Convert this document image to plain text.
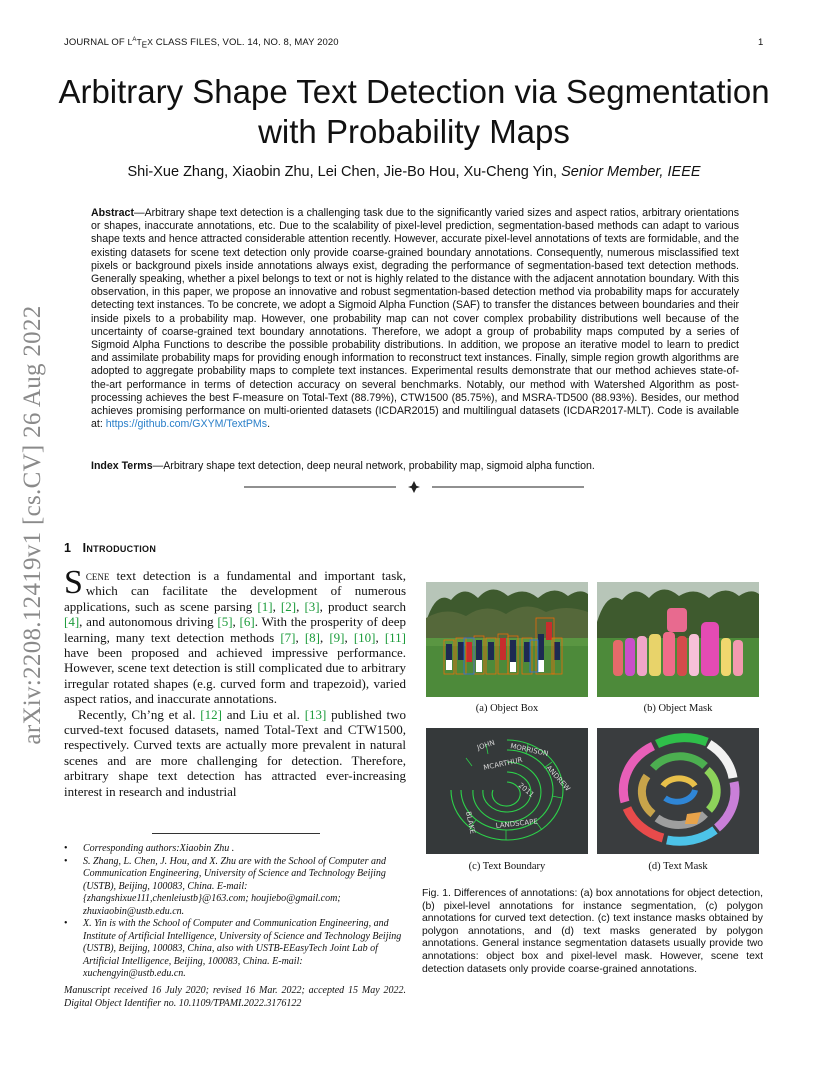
JOURNAL OF $L^AT_EX$ CLASS FILES, VOL. 14, NO. 8, MAY 2020	1
Arbitrary Shape Text Detection via Segmentation
with Probability Maps
Shi-Xue Zhang, Xiaobin Zhu, Lei Chen, Jie-Bo Hou, Xu-Cheng Yin, Senior Member, IEEE
Abstract—Arbitrary shape text detection is a challenging task due to the significantly varied sizes and aspect ratios, arbitrary orientations or shapes, inaccurate annotations, etc. Due to the scalability of pixel-level prediction, segmentation-based methods can adapt to various shape texts and hence attracted considerable attention recently. However, accurate pixel-level annotations of texts are formidable, and the existing datasets for scene text detection only provide coarse-grained boundary annotations. Consequently, numerous misclassified text pixels or background pixels inside annotations always exist, degrading the performance of segmentation-based text detection methods. Generally speaking, whether a pixel belongs to text or not is highly related to the distance with the adjacent annotation boundary. With this observation, in this paper, we propose an innovative and robust segmentation-based detection method via probability maps for accurately detecting text instances. To be concrete, we adopt a Sigmoid Alpha Function (SAF) to transfer the distances between boundaries and their inside pixels to a probability map. However, one probability map can not cover complex probability distributions well because of the uncertainty of coarse-grained text boundary annotations. Therefore, we adopt a group of probability maps computed by a series of Sigmoid Alpha Functions to describe the possible probability distributions. In addition, we propose an iterative model to learn to predict and assimilate probability maps for providing enough information to reconstruct text instances. Finally, simple region growth algorithms are adopted to aggregate probability maps to complete text instances. Experimental results demonstrate that our method achieves state-of-the-art performance in terms of detection accuracy on several benchmarks. Notably, our method with Watershed Algorithm as post-processing achieves the best F-measure on Total-Text (88.79%), CTW1500 (85.75%), and MSRA-TD500 (88.93%). Besides, our method achieves promising performance on multi-oriented datasets (ICDAR2015) and multilingual datasets (ICDAR2017-MLT). Code is available at: https://github.com/GXYM/TextPMs.
Index Terms—Arbitrary shape text detection, deep neural network, probability map, sigmoid alpha function.
arXiv:2208.12419v1 [cs.CV] 26 Aug 2022 1 Introduction

Scene text detection is a fundamental and important task, which can facilitate the development of numerous applications, such as scene parsing [1], [2], [3], product search [4], and autonomous driving [5], [6]. With the prosperity of deep learning, many text detection methods [7], [8], [9], [10], [11] have been proposed and achieved impressive performance. However, scene text detection is still complicated due to arbitrary irregular rotated shapes (e.g. curved form and trapezoid), varied aspect ratios, and inaccurate annotations.

Recently, Ch’ng et al. [12] and Liu et al. [13] published two curved-text focused datasets, named Total-Text and CTW1500, respectively. Curved texts are actually more prevalent in natural scenes and are more challenging for detection. Therefore, arbitrary shape text detection has attracted ever-increasing interest in research and industrial

• Corresponding authors:Xiaobin Zhu .
• S. Zhang, L. Chen, J. Hou, and X. Zhu are with the School of Computer and Communication Engineering, University of Science and Technology Beijing (USTB), Beijing, 100083, China. E-mail: {zhangshixue111,chenleiustb}@163.com; houjiebo@gmail.com; zhuxiaobin@ustb.edu.cn.
• X. Yin is with the School of Computer and Communication Engineering, and Institute of Artificial Intelligence, University of Science and Technology Beijing (USTB), Beijing, 100083, China, also with USTB-EEasyTech Joint Lab of Artificial Intelligence, Beijing, 100083, China. E-mail: xuchengyin@ustb.edu.cn.
Manuscript received 16 July 2020; revised 16 Mar. 2022; accepted 15 May 2022. Digital Object Identifier no. 10.1109/TPAMI.2022.3176122
JOHN MORRISON
ANDREW
MCARTHUR
2011
BLAKE	LANDSCAPE
(a) Object Box	(b) Object Mask
(c) Text Boundary	(d) Text Mask
Fig. 1. Differences of annotations: (a) box annotations for object detection, (b) pixel-level annotations for instance segmentation, (c) polygon annotations for curved text detection. (c) text instance masks obtained by polygon annotations, and (d) text masks generated by polygon annotations. General instance segmentation datasets usually provide two annotations: object box and pixel-level mask. However, scene text detection datasets only provide coarse-grained annotations.
